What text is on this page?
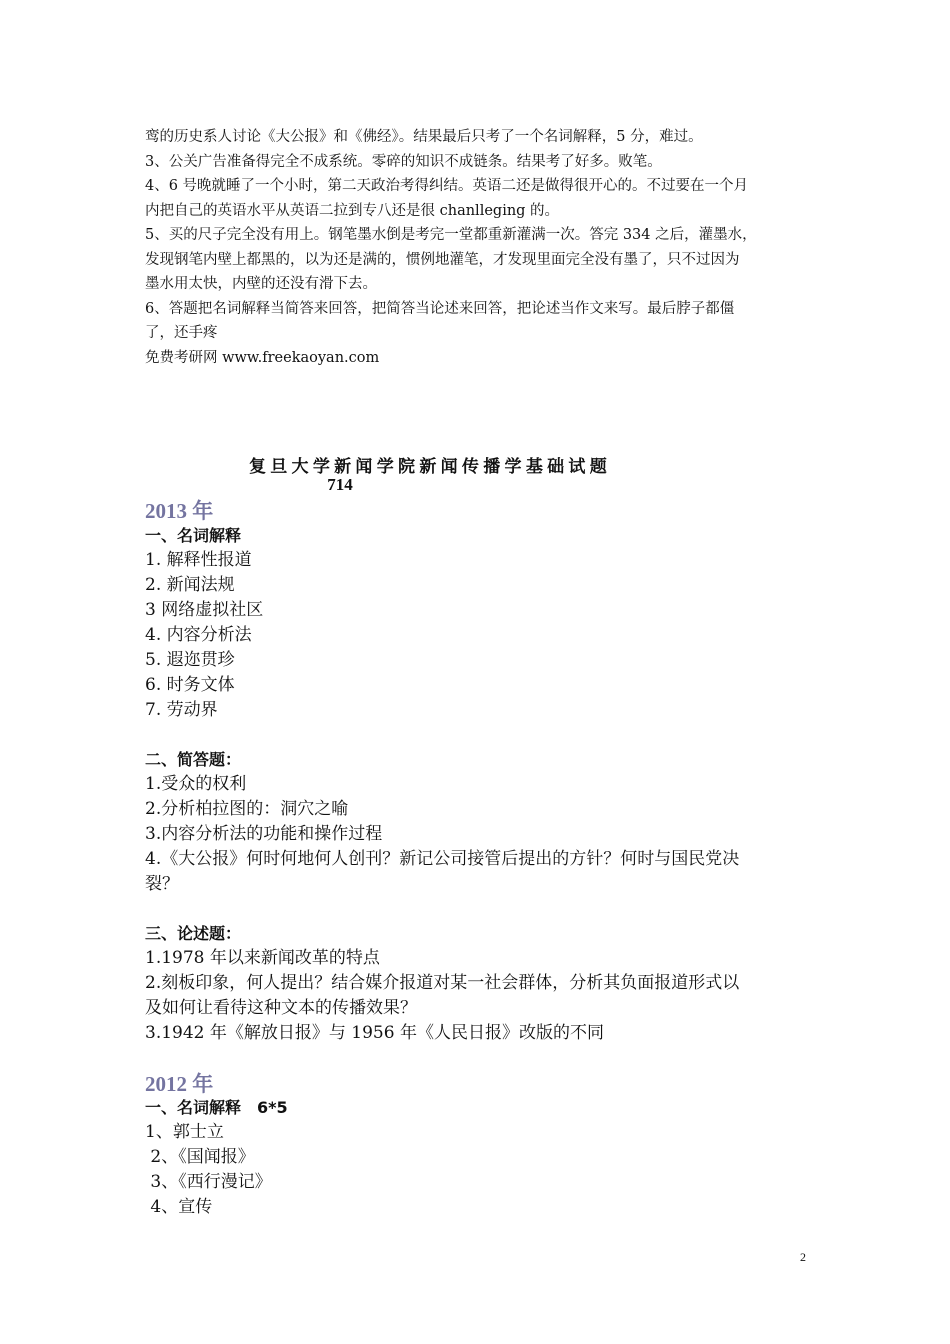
鸾的历史系人讨论《大公报》和《佛经》。结果最后只考了一个名词解释，5 分，难过。

3、公关广告准备得完全不成系统。零碎的知识不成链条。结果考了好多。败笔。

4、6 号晚就睡了一个小时，第二天政治考得纠结。英语二还是做得很开心的。不过要在一个月

内把自己的英语水平从英语二拉到专八还是很 chanlleging 的。

5、买的尺子完全没有用上。钢笔墨水倒是考完一堂都重新灌满一次。答完 334 之后，灌墨水，

发现钢笔内壁上都黑的，以为还是满的，惯例地灌笔，才发现里面完全没有墨了，只不过因为

墨水用太快，内壁的还没有滑下去。

6、答题把名词解释当简答来回答，把简答当论述来回答，把论述当作文来写。最后脖子都僵

了，还手疼

免费考研网 www.freekaoyan.com

复旦大学新闻学院新闻传播学基础试题
714
2013 年
一、名词解释

1. 解释性报道

2. 新闻法规

3 网络虚拟社区

4. 内容分析法

5. 遐迩贯珍

6. 时务文体

7. 劳动界

二、简答题：

1.受众的权利

2.分析柏拉图的：洞穴之喻

3.内容分析法的功能和操作过程

4.《大公报》何时何地何人创刊？新记公司接管后提出的方针？何时与国民党决

裂？

三、论述题：

1.1978 年以来新闻改革的特点

2.刻板印象，何人提出？结合媒介报道对某一社会群体，分析其负面报道形式以

及如何让看待这种文本的传播效果？

3.1942 年《解放日报》与 1956 年《人民日报》改版的不同

2012 年
一、名词解释　6*5

1、郭士立

2、《国闻报》

3、《西行漫记》

4、宣传

2
